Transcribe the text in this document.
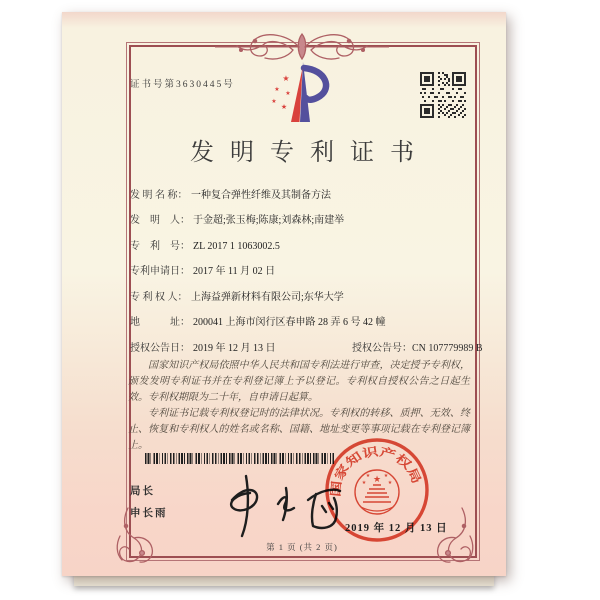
证书号第3630445号
★
★
★
★
★
发明专利证书
发 明 名 称： 一种复合弹性纤维及其制备方法
发　明　人： 于金超;张玉梅;陈康;刘森林;南建举
专　利　号： ZL 2017 1 1063002.5
专利申请日： 2017 年 11 月 02 日
专 利 权 人： 上海益弹新材料有限公司;东华大学
地　　　址： 200041 上海市闵行区春申路 28 弄 6 号 42 幢
授权公告日： 2019 年 12 月 13 日	授权公告号：CN 107779989 B

国家知识产权局依照中华人民共和国专利法进行审查，决定授予专利权，颁发发明专利证书并在专利登记簿上予以登记。专利权自授权公告之日起生效。专利权期限为二十年，自申请日起算。

专利证书记载专利权登记时的法律状况。专利权的转移、质押、无效、终止、恢复和专利权人的姓名或名称、国籍、地址变更等事项记载在专利登记簿上。

局长
申长雨
国家知识产权局
★
★	★
★	★
2019 年 12 月 13 日
第 1 页 (共 2 页)
